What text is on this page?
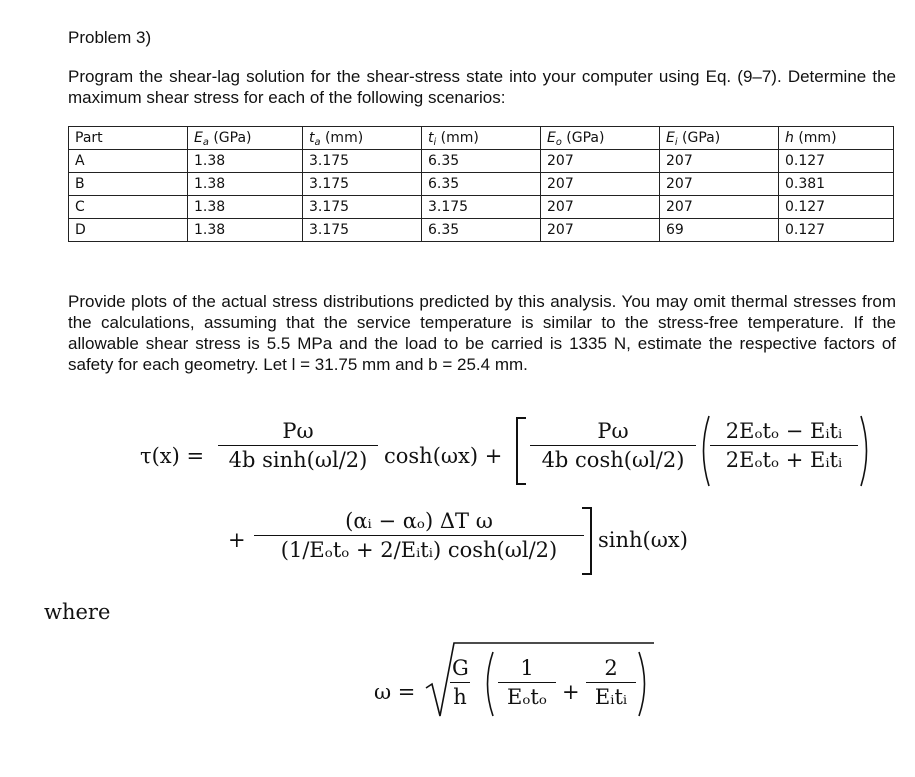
Problem 3)
Program the shear-lag solution for the shear-stress state into your computer using Eq. (9–7). Determine the maximum shear stress for each of the following scenarios:
Part	$E_a$ (GPa)	$t_a$ (mm)	$t_i$ (mm)	$E_o$ (GPa)	$E_i$ (GPa)	h (mm)
A	1.38	3.175	6.35	207	207	0.127
B	1.38	3.175	6.35	207	207	0.381
C	1.38	3.175	3.175	207	207	0.127
D	1.38	3.175	6.35	207	69	0.127
Provide plots of the actual stress distributions predicted by this analysis. You may omit thermal stresses from the calculations, assuming that the service temperature is similar to the stress-free temperature. If the allowable shear stress is 5.5 MPa and the load to be carried is 1335 N, estimate the respective factors of safety for each geometry. Let l = 31.75 mm and b = 25.4 mm.
$\tau(x) = \frac{P\omega}{\text{4b sinh(ωl/2)}} \cosh(\omega x) + \frac{P\omega}{\text{4b cosh(ωl/2)}}$	2Eₒtₒ − Eᵢtᵢ
2Eₒtₒ + Eᵢtᵢ
+
(αᵢ − αₒ) ΔT ω
(1/Eₒtₒ + 2/Eᵢtᵢ) cosh(ωl/2)	sinh(ωx)
where
$\omega = \frac{G}{h}$	1
Eₒtₒ +
2
Eᵢtᵢ
